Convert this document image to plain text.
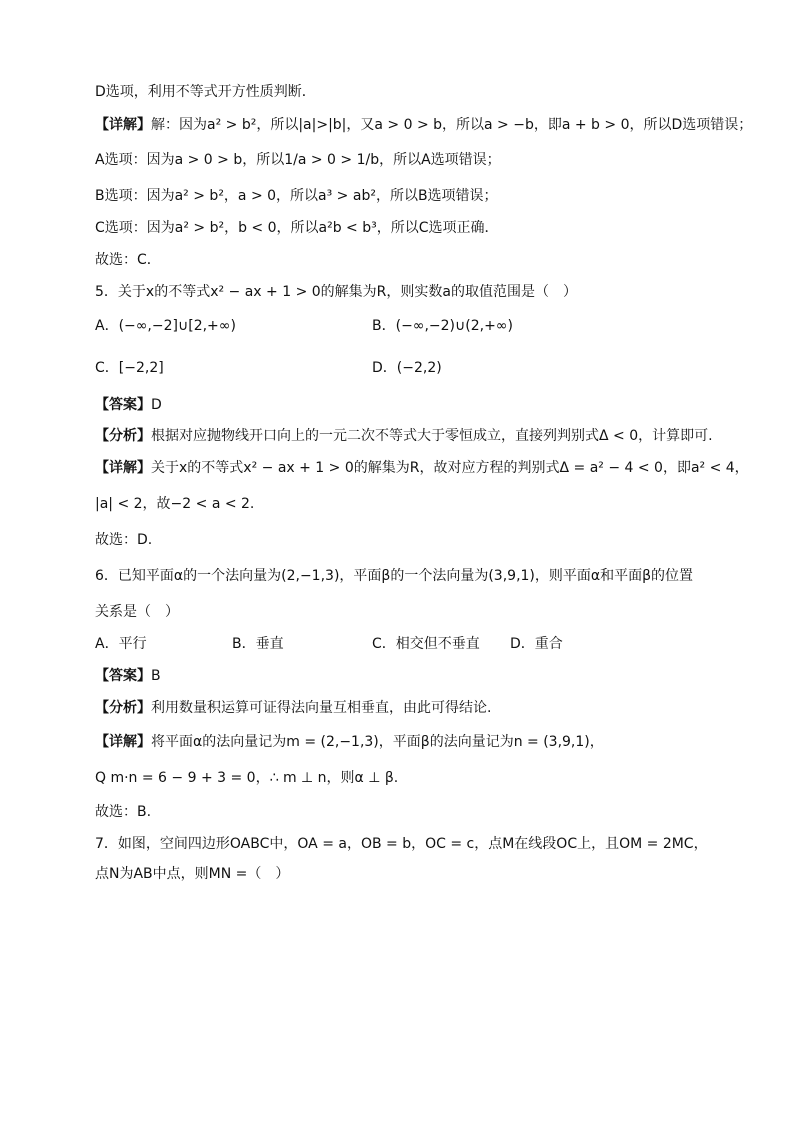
D选项，利用不等式开方性质判断．
【详解】解：因为a² > b²，所以|a|>|b|，又a > 0 > b，所以a > −b，即a + b > 0，所以D选项错误；
A选项：因为a > 0 > b，所以1/a > 0 > 1/b，所以A选项错误；
B选项：因为a² > b²，a > 0，所以a³ > ab²，所以B选项错误；
C选项：因为a² > b²，b < 0，所以a²b < b³，所以C选项正确．
故选：C．
5．关于x的不等式x² − ax + 1 > 0的解集为R，则实数a的取值范围是（　）
A．(−∞,−2]∪[2,+∞)	B．(−∞,−2)∪(2,+∞)
C．[−2,2]	D．(−2,2)
【答案】D
【分析】根据对应抛物线开口向上的一元二次不等式大于零恒成立，直接列判别式Δ < 0，计算即可.
【详解】关于x的不等式x² − ax + 1 > 0的解集为R，故对应方程的判别式Δ = a² − 4 < 0，即a² < 4，
|a| < 2，故−2 < a < 2.
故选：D.
6．已知平面α的一个法向量为(2,−1,3)，平面β的一个法向量为(3,9,1)，则平面α和平面β的位置
关系是（　）
A．平行	B．垂直	C．相交但不垂直 D．重合
【答案】B
【分析】利用数量积运算可证得法向量互相垂直，由此可得结论.
【详解】将平面α的法向量记为m = (2,−1,3)，平面β的法向量记为n = (3,9,1)，
Q m·n = 6 − 9 + 3 = 0，∴ m ⊥ n，则α ⊥ β.
故选：B.
7．如图，空间四边形OABC中，OA = a，OB = b，OC = c，点M在线段OC上，且OM = 2MC，
点N为AB中点，则MN =（　）
